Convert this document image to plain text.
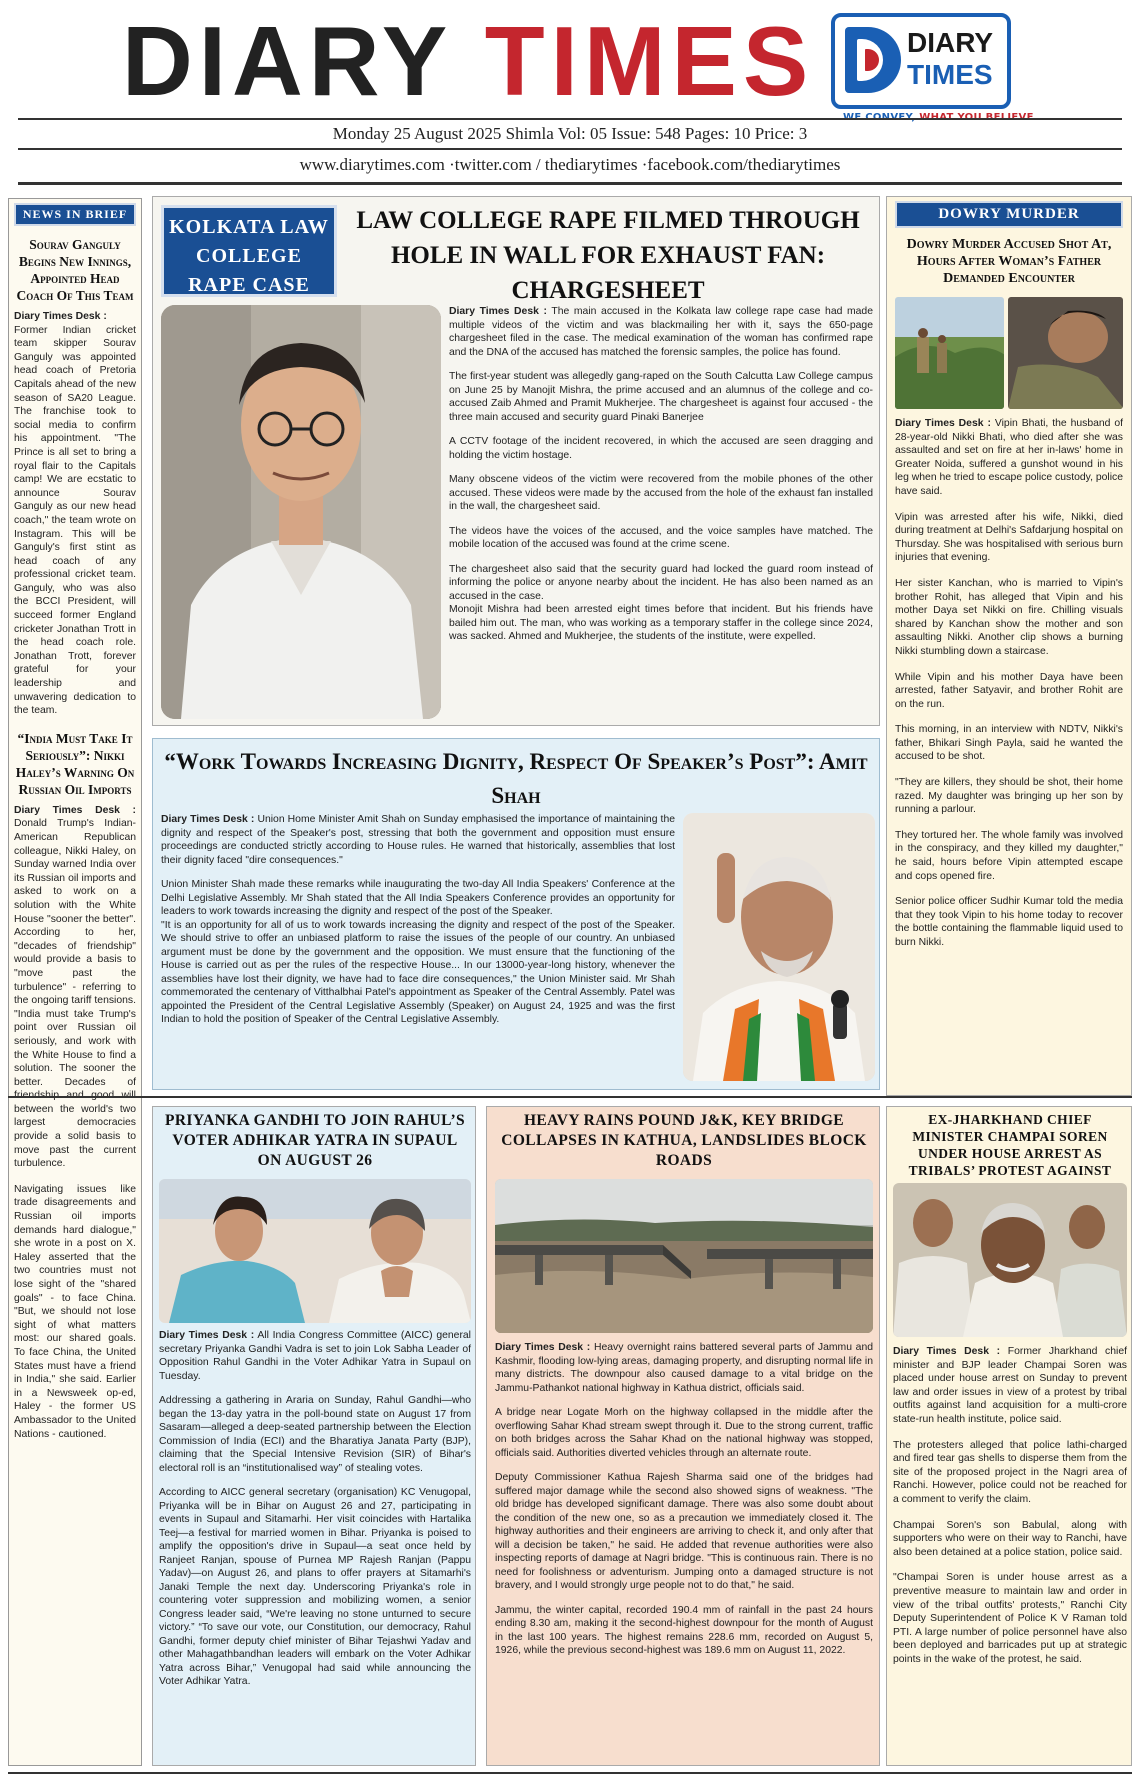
DIARY TIMES	DIARY
TIMES
Monday 25 August 2025 Shimla Vol: 05 Issue: 548 Pages: 10 Price: 3
www.diarytimes.com ·twitter.com / thediarytimes ·facebook.com/thediarytimes
NEWS IN BRIEF
Sourav Ganguly Begins New Innings, Appointed Head Coach Of This Team

Diary Times Desk :
Former Indian cricket team skipper Sourav Ganguly was appointed head coach of Pretoria Capitals ahead of the new season of SA20 League. The franchise took to social media to confirm his appointment. "The Prince is all set to bring a royal flair to the Capitals camp! We are ecstatic to announce Sourav Ganguly as our new head coach," the team wrote on Instagram. This will be Ganguly's first stint as head coach of any professional cricket team. Ganguly, who was also the BCCI President, will succeed former England cricketer Jonathan Trott in the head coach role. Jonathan Trott, forever grateful for your leadership and unwavering dedication to the team.

“India Must Take It Seriously”: Nikki Haley’s Warning On Russian Oil Imports

Diary Times Desk : Donald Trump's Indian-American Republican colleague, Nikki Haley, on Sunday warned India over its Russian oil imports and asked to work on a solution with the White House "sooner the better". According to her, "decades of friendship" would provide a basis to "move past the turbulence" - referring to the ongoing tariff tensions. "India must take Trump's point over Russian oil seriously, and work with the White House to find a solution. The sooner the better. Decades of between the world's two largest democracies provide a solid basis to move past the current turbulence.

Navigating issues like trade disagreements and Russian oil imports demands hard dialogue," she wrote in a post on X. Haley asserted that the two countries must not lose sight of the "shared goals" - to face China. "But, we should not lose sight of what matters most: our shared goals. To face China, the United States must have a friend in India," she said. Earlier in a Newsweek op-ed, Haley - the former US Ambassador to the United Nations - cautioned.

KOLKATA LAW COLLEGE RAPE CASE
LAW COLLEGE RAPE FILMED THROUGH HOLE IN WALL FOR EXHAUST FAN: CHARGESHEET

Diary Times Desk : The main accused in the Kolkata law college rape case had made multiple videos of the victim and was blackmailing her with it, says the 650-page chargesheet filed in the case. The medical examination of the woman has confirmed rape and the DNA of the accused has matched the forensic samples, the police has found.

The first-year student was allegedly gang-raped on the South Calcutta Law College campus on June 25 by Manojit Mishra, the prime accused and an alumnus of the college and co-accused Zaib Ahmed and Pramit Mukherjee. The chargesheet is against four accused - the three main accused and security guard Pinaki Banerjee

A CCTV footage of the incident recovered, in which the accused are seen dragging and holding the victim hostage.

Many obscene videos of the victim were recovered from the mobile phones of the other accused. These videos were made by the accused from the hole of the exhaust fan installed in the wall, the chargesheet said.

The videos have the voices of the accused, and the voice samples have matched. The mobile location of the accused was found at the crime scene.

The chargesheet also said that the security guard had locked the guard room instead of informing the police or anyone nearby about the incident. He has also been named as an accused in the case.

Monojit Mishra had been arrested eight times before that incident. But his friends have bailed him out. The man, who was working as a temporary staffer in the college since 2024, was sacked. Ahmed and Mukherjee, the students of the institute, were expelled.

“Work Towards Increasing Dignity, Respect Of Speaker’s Post”: Amit Shah

Diary Times Desk : Union Home Minister Amit Shah on Sunday emphasised the importance of maintaining the dignity and respect of the Speaker's post, stressing that both the government and opposition must ensure proceedings are conducted strictly according to House rules. He warned that historically, assemblies that lost their dignity faced "dire consequences."

Union Minister Shah made these remarks while inaugurating the two-day All India Speakers' Conference at the Delhi Legislative Assembly. Mr Shah stated that the All India Speakers Conference provides an opportunity for leaders to work towards increasing the dignity and respect of the post of the Speaker.

"It is an opportunity for all of us to work towards increasing the dignity and respect of the post of the Speaker. We should strive to offer an unbiased platform to raise the issues of the people of our country. An unbiased argument must be done by the government and the opposition. We must ensure that the functioning of the House is carried out as per the rules of the respective House... In our 13000-year-long history, whenever the assemblies have lost their dignity, we have had to face dire consequences," the Union Minister said. Mr Shah commemorated the centenary of Vitthalbhai Patel's appointment as Speaker of the Central Assembly. Patel was appointed the President of the Central Legislative Assembly (Speaker) on August 24, 1925 and was the first Indian to hold the position of Speaker of the Central Legislative Assembly.

DOWRY MURDER
Dowry Murder Accused Shot At, Hours After Woman’s Father Demanded Encounter

Diary Times Desk : Vipin Bhati, the husband of 28-year-old Nikki Bhati, who died after she was assaulted and set on fire at her in-laws' home in Greater Noida, suffered a gunshot wound in his leg when he tried to escape police custody, police have said.

Vipin was arrested after his wife, Nikki, died during treatment at Delhi's Safdarjung hospital on Thursday. She was hospitalised with serious burn injuries that evening.

Her sister Kanchan, who is married to Vipin's brother Rohit, has alleged that Vipin and his mother Daya set Nikki on fire. Chilling visuals shared by Kanchan show the mother and son assaulting Nikki. Another clip shows a burning Nikki stumbling down a staircase.

While Vipin and his mother Daya have been arrested, father Satyavir, and brother Rohit are on the run.

This morning, in an interview with NDTV, Nikki's father, Bhikari Singh Payla, said he wanted the accused to be shot.

"They are killers, they should be shot, their home razed. My daughter was bringing up her son by running a parlour.

They tortured her. The whole family was involved in the conspiracy, and they killed my daughter," he said, hours before Vipin attempted escape and cops opened fire.

Senior police officer Sudhir Kumar told the media that they took Vipin to his home today to recover the bottle containing the flammable liquid used to burn Nikki.

PRIYANKA GANDHI TO JOIN RAHUL’S VOTER ADHIKAR YATRA IN SUPAUL ON AUGUST 26

Diary Times Desk : All India Congress Committee (AICC) general secretary Priyanka Gandhi Vadra is set to join Lok Sabha Leader of Opposition Rahul Gandhi in the Voter Adhikar Yatra in Supaul on Tuesday.

Addressing a gathering in Araria on Sunday, Rahul Gandhi—who began the 13-day yatra in the poll-bound state on August 17 from Sasaram—alleged a deep-seated partnership between the Election Commission of India (ECI) and the Bharatiya Janata Party (BJP), claiming that the Special Intensive Revision (SIR) of Bihar's electoral roll is an “institutionalised way” of stealing votes.

According to AICC general secretary (organisation) KC Venugopal, Priyanka will be in Bihar on August 26 and 27, participating in events in Supaul and Sitamarhi. Her visit coincides with Hartalika Teej—a festival for married women in Bihar. Priyanka is poised to amplify the opposition's drive in Supaul—a seat once held by Ranjeet Ranjan, spouse of Purnea MP Rajesh Ranjan (Pappu Yadav)—on August 26, and plans to offer prayers at Sitamarhi's Janaki Temple the next day. Underscoring Priyanka's role in countering voter suppression and mobilizing women, a senior Congress leader said, “We're leaving no stone unturned to secure victory.” “To save our vote, our Constitution, our democracy, Rahul Gandhi, former deputy chief minister of Bihar Tejashwi Yadav and other Mahagathbandhan leaders will embark on the Voter Adhikar Yatra across Bihar,” Venugopal had said while announcing the Voter Adhikar Yatra.

HEAVY RAINS POUND J&K, KEY BRIDGE COLLAPSES IN KATHUA, LANDSLIDES BLOCK ROADS

Diary Times Desk : Heavy overnight rains battered several parts of Jammu and Kashmir, flooding low-lying areas, damaging property, and disrupting normal life in many districts. The downpour also caused damage to a vital bridge on the Jammu-Pathankot national highway in Kathua district, officials said.

A bridge near Logate Morh on the highway collapsed in the middle after the overflowing Sahar Khad stream swept through it. Due to the strong current, traffic on both bridges across the Sahar Khad on the national highway was stopped, officials said. Authorities diverted vehicles through an alternate route.

Deputy Commissioner Kathua Rajesh Sharma said one of the bridges had suffered major damage while the second also showed signs of weakness. "The old bridge has developed significant damage. There was also some doubt about the condition of the new one, so as a precaution we immediately closed it. The highway authorities and their engineers are arriving to check it, and only after that will a decision be taken," he said. He added that revenue authorities were also inspecting reports of damage at Nagri bridge. "This is continuous rain. There is no need for foolishness or adventurism. Jumping onto a damaged structure is not bravery, and I would strongly urge people not to do that," he said.

Jammu, the winter capital, recorded 190.4 mm of rainfall in the past 24 hours ending 8.30 am, making it the second-highest downpour for the month of August in the last 100 years. The highest remains 228.6 mm, recorded on August 5, 1926, while the previous second-highest was 189.6 mm on August 11, 2022.

EX-JHARKHAND CHIEF MINISTER CHAMPAI SOREN UNDER HOUSE ARREST AS TRIBALS’ PROTEST AGAINST

Diary Times Desk : Former Jharkhand chief minister and BJP leader Champai Soren was placed under house arrest on Sunday to prevent law and order issues in view of a protest by tribal outfits against land acquisition for a multi-crore state-run health institute, police said.

The protesters alleged that police lathi-charged and fired tear gas shells to disperse them from the site of the proposed project in the Nagri area of Ranchi. However, police could not be reached for a comment to verify the claim.

Champai Soren's son Babulal, along with supporters who were on their way to Ranchi, have also been detained at a police station, police said.

"Champai Soren is under house arrest as a preventive measure to maintain law and order in view of the tribal outfits' protests," Ranchi City Deputy Superintendent of Police K V Raman told PTI. A large number of police personnel have also been deployed and barricades put up at strategic points in the wake of the protest, he said.
